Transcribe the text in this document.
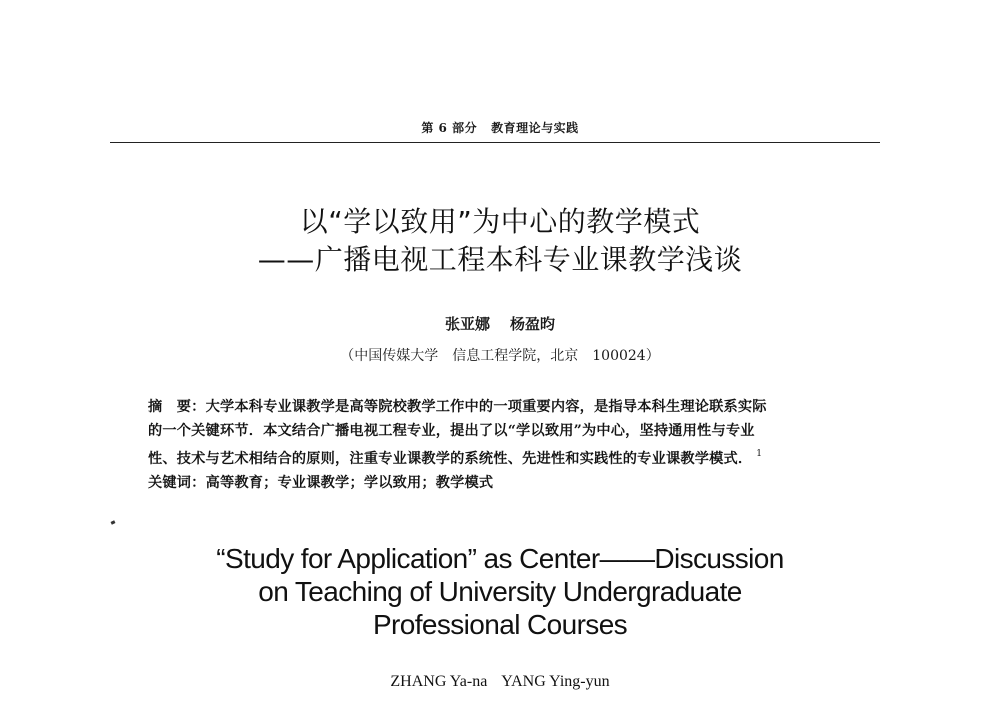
第 6 部分 教育理论与实践
以“学以致用”为中心的教学模式
——广播电视工程本科专业课教学浅谈
张亚娜 杨盈昀
（中国传媒大学　信息工程学院，北京　100024）
摘　要：大学本科专业课教学是高等院校教学工作中的一项重要内容，是指导本科生理论联系实际
的一个关键环节．本文结合广播电视工程专业，提出了以“学以致用”为中心，坚持通用性与专业
性、技术与艺术相结合的原则，注重专业课教学的系统性、先进性和实践性的专业课教学模式． $^1$
关键词：高等教育；专业课教学；学以致用；教学模式
“Study for Application” as Center——Discussion
on Teaching of University Undergraduate
Professional Courses
ZHANG Ya-na YANG Ying-yun
